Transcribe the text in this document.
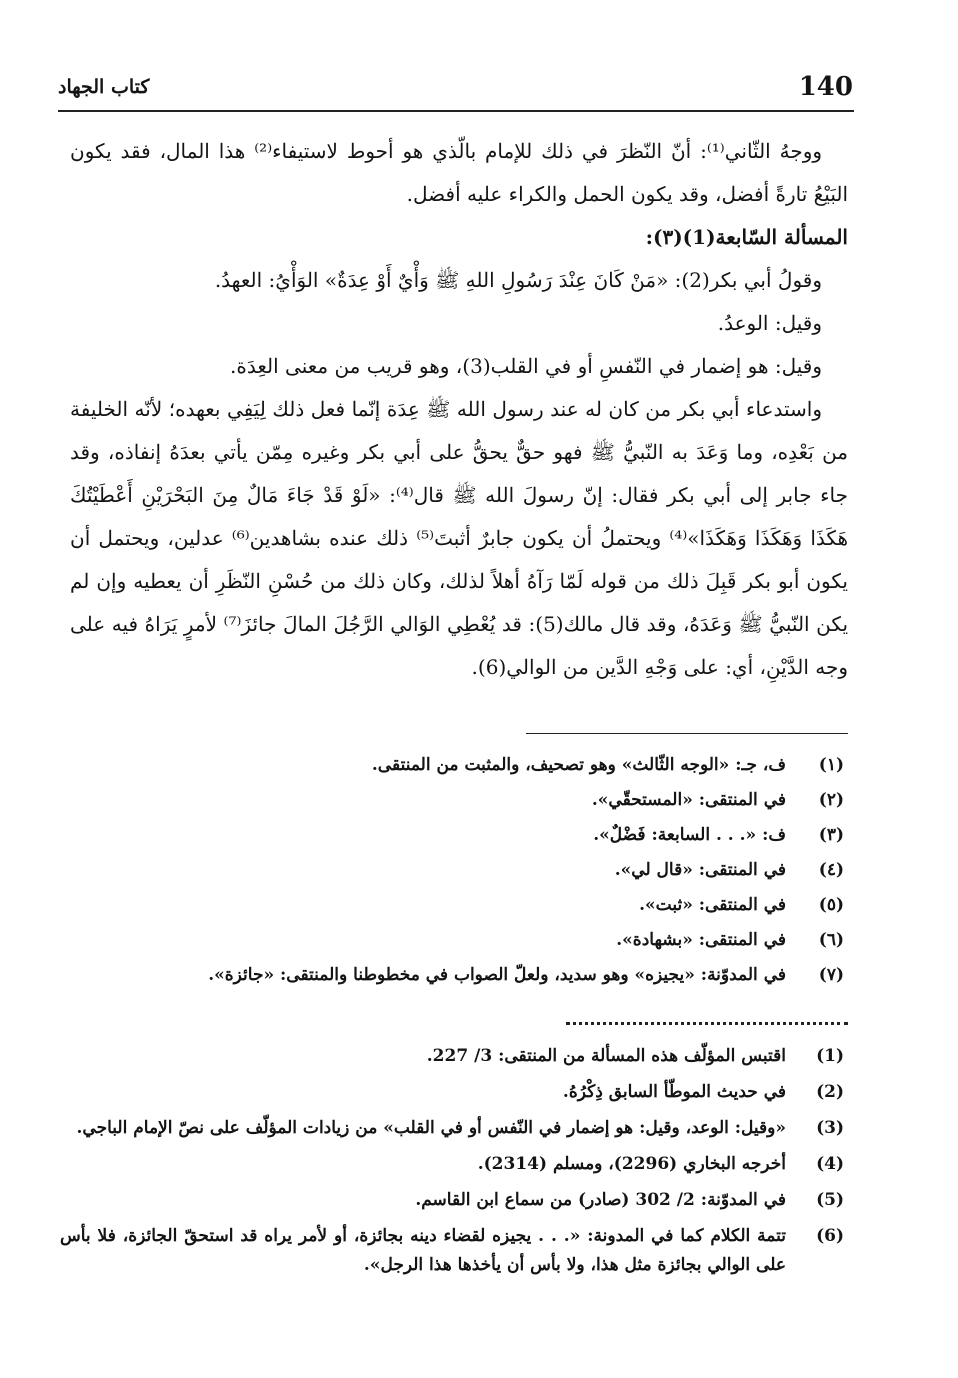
140
كتاب الجهاد

ووجهُ الثّاني⁽¹⁾: أنّ النّظرَ في ذلك للإمام بالّذي هو أحوط لاستيفاء⁽²⁾ هذا المال، فقد يكون البَيْعُ تارةً أفضل، وقد يكون الحمل والكراء عليه أفضل.

المسألة السّابعة(1)(٣):

وقولُ أبي بكر(2): «مَنْ كَانَ عِنْدَ رَسُولِ اللهِ ﷺ وَأْيٌ أَوْ عِدَةٌ» الوَأْيُ: العهدُ.

وقيل: الوعدُ.

وقيل: هو إضمار في النّفسِ أو في القلب(3)، وهو قريب من معنى العِدَة.

واستدعاء أبي بكر من كان له عند رسول الله ﷺ عِدَة إنّما فعل ذلك لِيَفِي بعهده؛ لأنّه الخليفة من بَعْدِه، وما وَعَدَ به النّبيُّ ﷺ فهو حقٌّ يحقُّ على أبي بكر وغيره مِمّن يأتي بعدَهُ إنفاذه، وقد جاء جابر إلى أبي بكر فقال: إنّ رسولَ الله ﷺ قال⁽⁴⁾: «لَوْ قَدْ جَاءَ مَالٌ مِنَ البَحْرَيْنِ أَعْطَيْتُكَ هَكَذَا وَهَكَذَا وَهَكَذَا»⁽⁴⁾ ويحتملُ أن يكون جابرٌ أثبتَ⁽⁵⁾ ذلك عنده بشاهدين⁽⁶⁾ عدلين، ويحتمل أن يكون أبو بكر قَبِلَ ذلك من قوله لَمّا رَآهُ أهلاً لذلك، وكان ذلك من حُسْنِ النّظَرِ أن يعطيه وإن لم يكن النّبيُّ ﷺ وَعَدَهُ، وقد قال مالك(5): قد يُعْطِي الوَالي الرَّجُلَ المالَ جائزَ⁽⁷⁾ لأمرٍ يَرَاهُ فيه على وجه الدَّيْنِ، أي: على وَجْهِ الدَّين من الوالي(6).

(١)
ف، جـ: «الوجه الثّالث» وهو تصحيف، والمثبت من المنتقى.
(٢)
في المنتقى: «المستحقّي».
(٣)
ف: «. . . السابعة: فَضْلٌ».
(٤)
في المنتقى: «قال لي».
(٥)
في المنتقى: «ثبت».
(٦)
في المنتقى: «بشهادة».
(٧)
في المدوّنة: «يجيزه» وهو سديد، ولعلّ الصواب في مخطوطنا والمنتقى: «جائزة».
(1)
اقتبس المؤلّف هذه المسألة من المنتقى: 3/ 227.
(2)
في حديث الموطّأ السابق ذِكْرُهُ.
(3)
«وقيل: الوعد، وقيل: هو إضمار في النّفس أو في القلب» من زيادات المؤلّف على نصّ الإمام الباجي.
(4)
أخرجه البخاري (2296)، ومسلم (2314).
(5)
في المدوّنة: 2/ 302 (صادر) من سماع ابن القاسم.
(6)
تتمة الكلام كما في المدونة: «. . . يجيزه لقضاء دينه بجائزة، أو لأمر يراه قد استحقّ الجائزة، فلا بأس على الوالي بجائزة مثل هذا، ولا بأس أن يأخذها هذا الرجل».
